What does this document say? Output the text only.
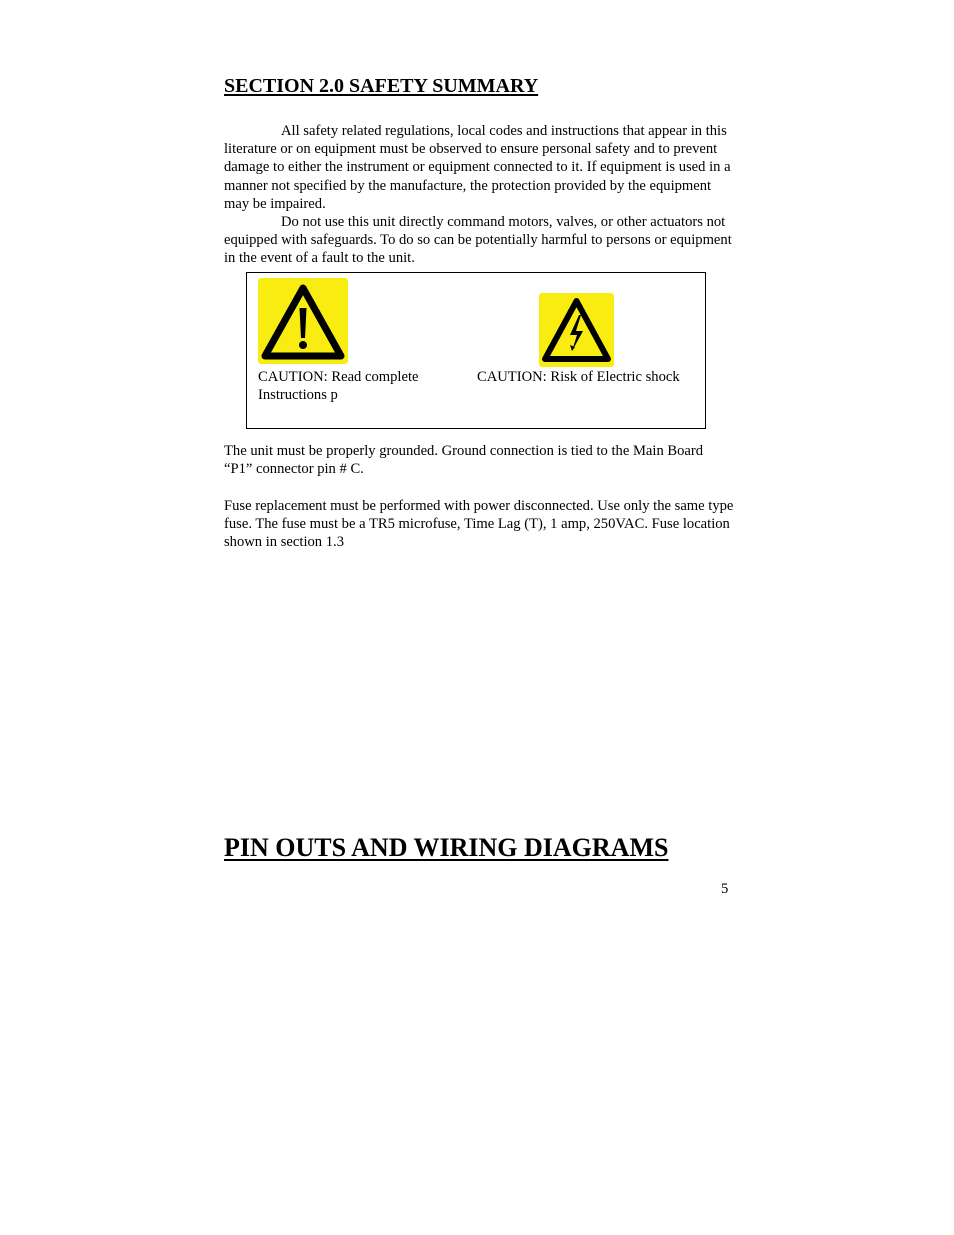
SECTION 2.0 SAFETY SUMMARY

All safety related regulations, local codes and instructions that appear in this literature or on equipment must be observed to ensure personal safety and to prevent damage to either the instrument or equipment connected to it. If equipment is used in a manner not specified by the manufacture, the protection provided by the equipment may be impaired.

Do not use this unit directly command motors, valves, or other actuators not equipped with safeguards. To do so can be potentially harmful to persons or equipment in the event of a fault to the unit.

CAUTION: Read complete Instructions p

CAUTION: Risk of Electric shock

The unit must be properly grounded. Ground connection is tied to the Main Board “P1” connector pin # C.

Fuse replacement must be performed with power disconnected. Use only the same type fuse. The fuse must be a TR5 microfuse, Time Lag (T), 1 amp, 250VAC. Fuse location shown in section 1.3

PIN OUTS AND WIRING DIAGRAMS

5
